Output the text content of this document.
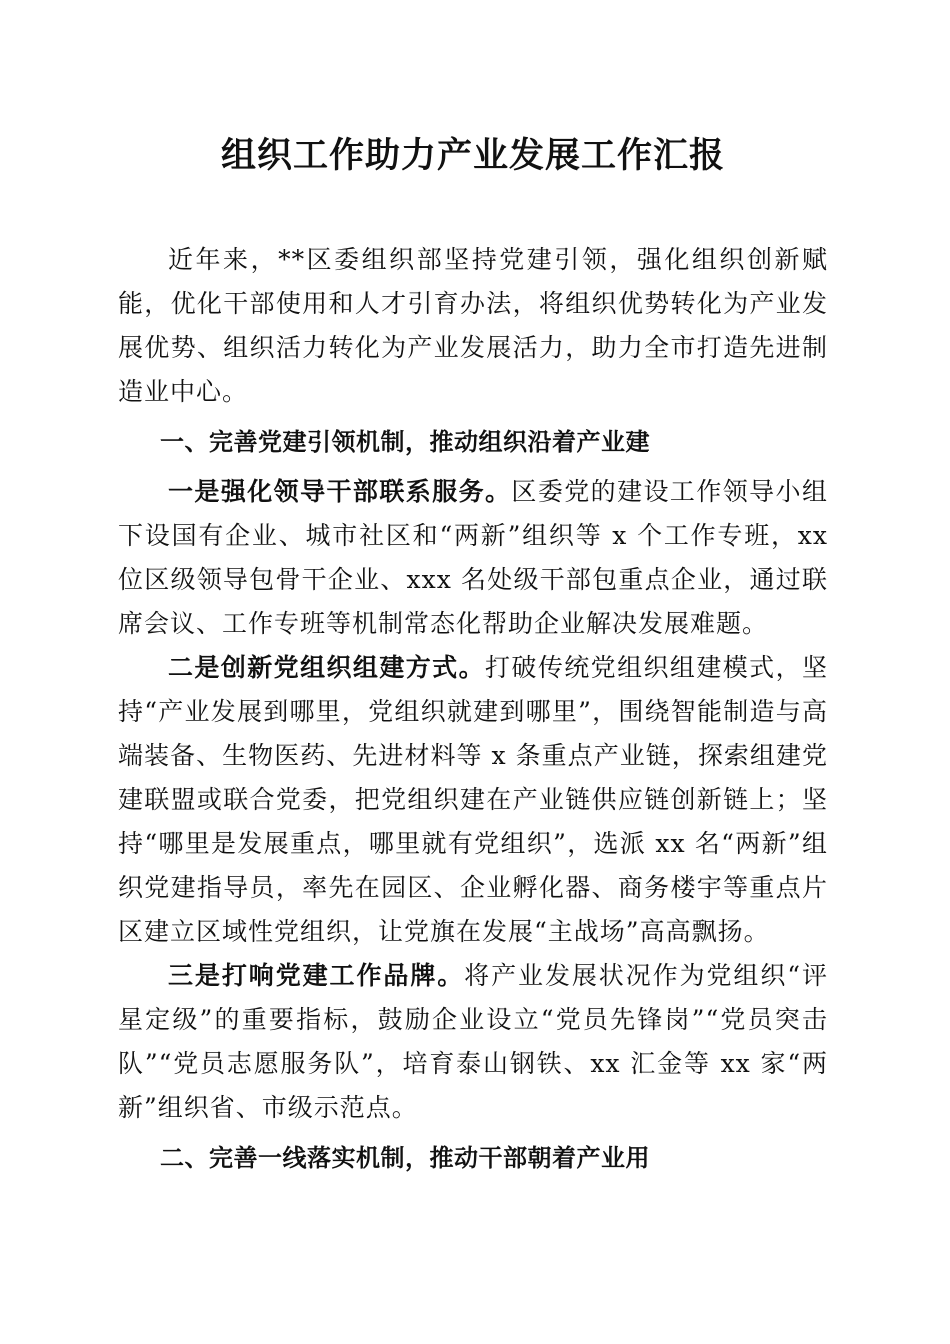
组织工作助力产业发展工作汇报

近年来，**区委组织部坚持党建引领，强化组织创新赋能，优化干部使用和人才引育办法，将组织优势转化为产业发展优势、组织活力转化为产业发展活力，助力全市打造先进制造业中心。

一、完善党建引领机制，推动组织沿着产业建

一是强化领导干部联系服务。区委党的建设工作领导小组下设国有企业、城市社区和“两新”组织等 x 个工作专班，xx 位区级领导包骨干企业、xxx 名处级干部包重点企业，通过联席会议、工作专班等机制常态化帮助企业解决发展难题。

二是创新党组织组建方式。打破传统党组织组建模式，坚持“产业发展到哪里，党组织就建到哪里”，围绕智能制造与高端装备、生物医药、先进材料等 x 条重点产业链，探索组建党建联盟或联合党委，把党组织建在产业链供应链创新链上；坚持“哪里是发展重点，哪里就有党组织”，选派 xx 名“两新”组织党建指导员，率先在园区、企业孵化器、商务楼宇等重点片区建立区域性党组织，让党旗在发展“主战场”高高飘扬。

三是打响党建工作品牌。将产业发展状况作为党组织“评星定级”的重要指标，鼓励企业设立“党员先锋岗”“党员突击队”“党员志愿服务队”，培育泰山钢铁、xx 汇金等 xx 家“两新”组织省、市级示范点。

二、完善一线落实机制，推动干部朝着产业用
